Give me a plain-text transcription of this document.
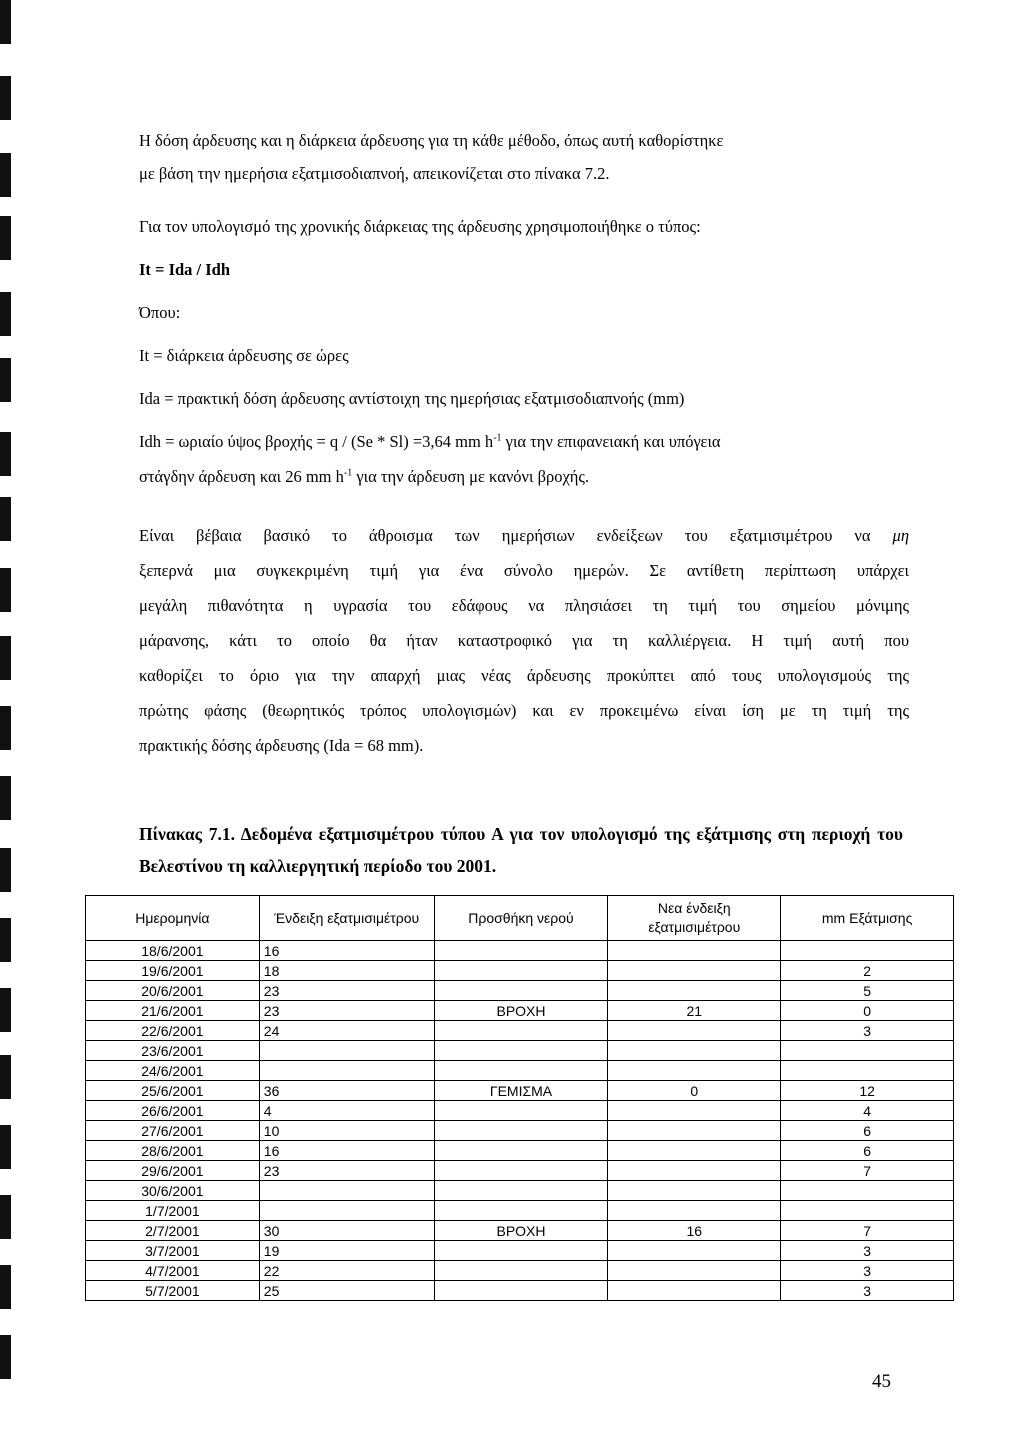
Η δόση άρδευσης και η διάρκεια άρδευσης για τη κάθε μέθοδο, όπως αυτή καθορίστηκε

με βάση την ημερήσια εξατμισοδιαπνοή, απεικονίζεται στο πίνακα 7.2.

Για τον υπολογισμό της χρονικής διάρκειας της άρδευσης χρησιμοποιήθηκε ο τύπος:

It = Ida / Idh

Όπου:

It = διάρκεια άρδευσης σε ώρες

Ida = πρακτική δόση άρδευσης αντίστοιχη της ημερήσιας εξατμισοδιαπνοής (mm)

Idh = ωριαίο ύψος βροχής = q / (Se * Sl) =3,64 mm $h^{-1}$ για την επιφανειακή και υπόγεια

στάγδην άρδευση και 26 mm $h^{-1}$ για την άρδευση με κανόνι βροχής.

Είναι βέβαια βασικό το άθροισμα των ημερήσιων ενδείξεων του εξατμισιμέτρου να μη

ξεπερνά μια συγκεκριμένη τιμή για ένα σύνολο ημερών. Σε αντίθετη περίπτωση υπάρχει

μεγάλη πιθανότητα η υγρασία του εδάφους να πλησιάσει τη τιμή του σημείου μόνιμης

μάρανσης, κάτι το οποίο θα ήταν καταστροφικό για τη καλλιέργεια. Η τιμή αυτή που

καθορίζει το όριο για την απαρχή μιας νέας άρδευσης προκύπτει από τους υπολογισμούς της

πρώτης φάσης (θεωρητικός τρόπος υπολογισμών) και εν προκειμένω είναι ίση με τη τιμή της

πρακτικής δόσης άρδευσης (Ida = 68 mm).

Πίνακας 7.1. Δεδομένα εξατμισιμέτρου τύπου Α για τον υπολογισμό της εξάτμισης στη περιοχή του Βελεστίνου τη καλλιεργητική περίοδο του 2001.
Ημερομηνία	Ένδειξη εξατμισιμέτρου	Προσθήκη νερού	Νεα ένδειξη εξατμισιμέτρου	mm Εξάτμισης
18/6/2001	16			
19/6/2001	18			2
20/6/2001	23			5
21/6/2001	23	ΒΡΟΧΗ	21	0
22/6/2001	24			3
23/6/2001				
24/6/2001				
25/6/2001	36	ΓΕΜΙΣΜΑ	0	12
26/6/2001	4			4
27/6/2001	10			6
28/6/2001	16			6
29/6/2001	23			7
30/6/2001				
1/7/2001				
2/7/2001	30	ΒΡΟΧΗ	16	7
3/7/2001	19			3
4/7/2001	22			3
5/7/2001	25			3
45
